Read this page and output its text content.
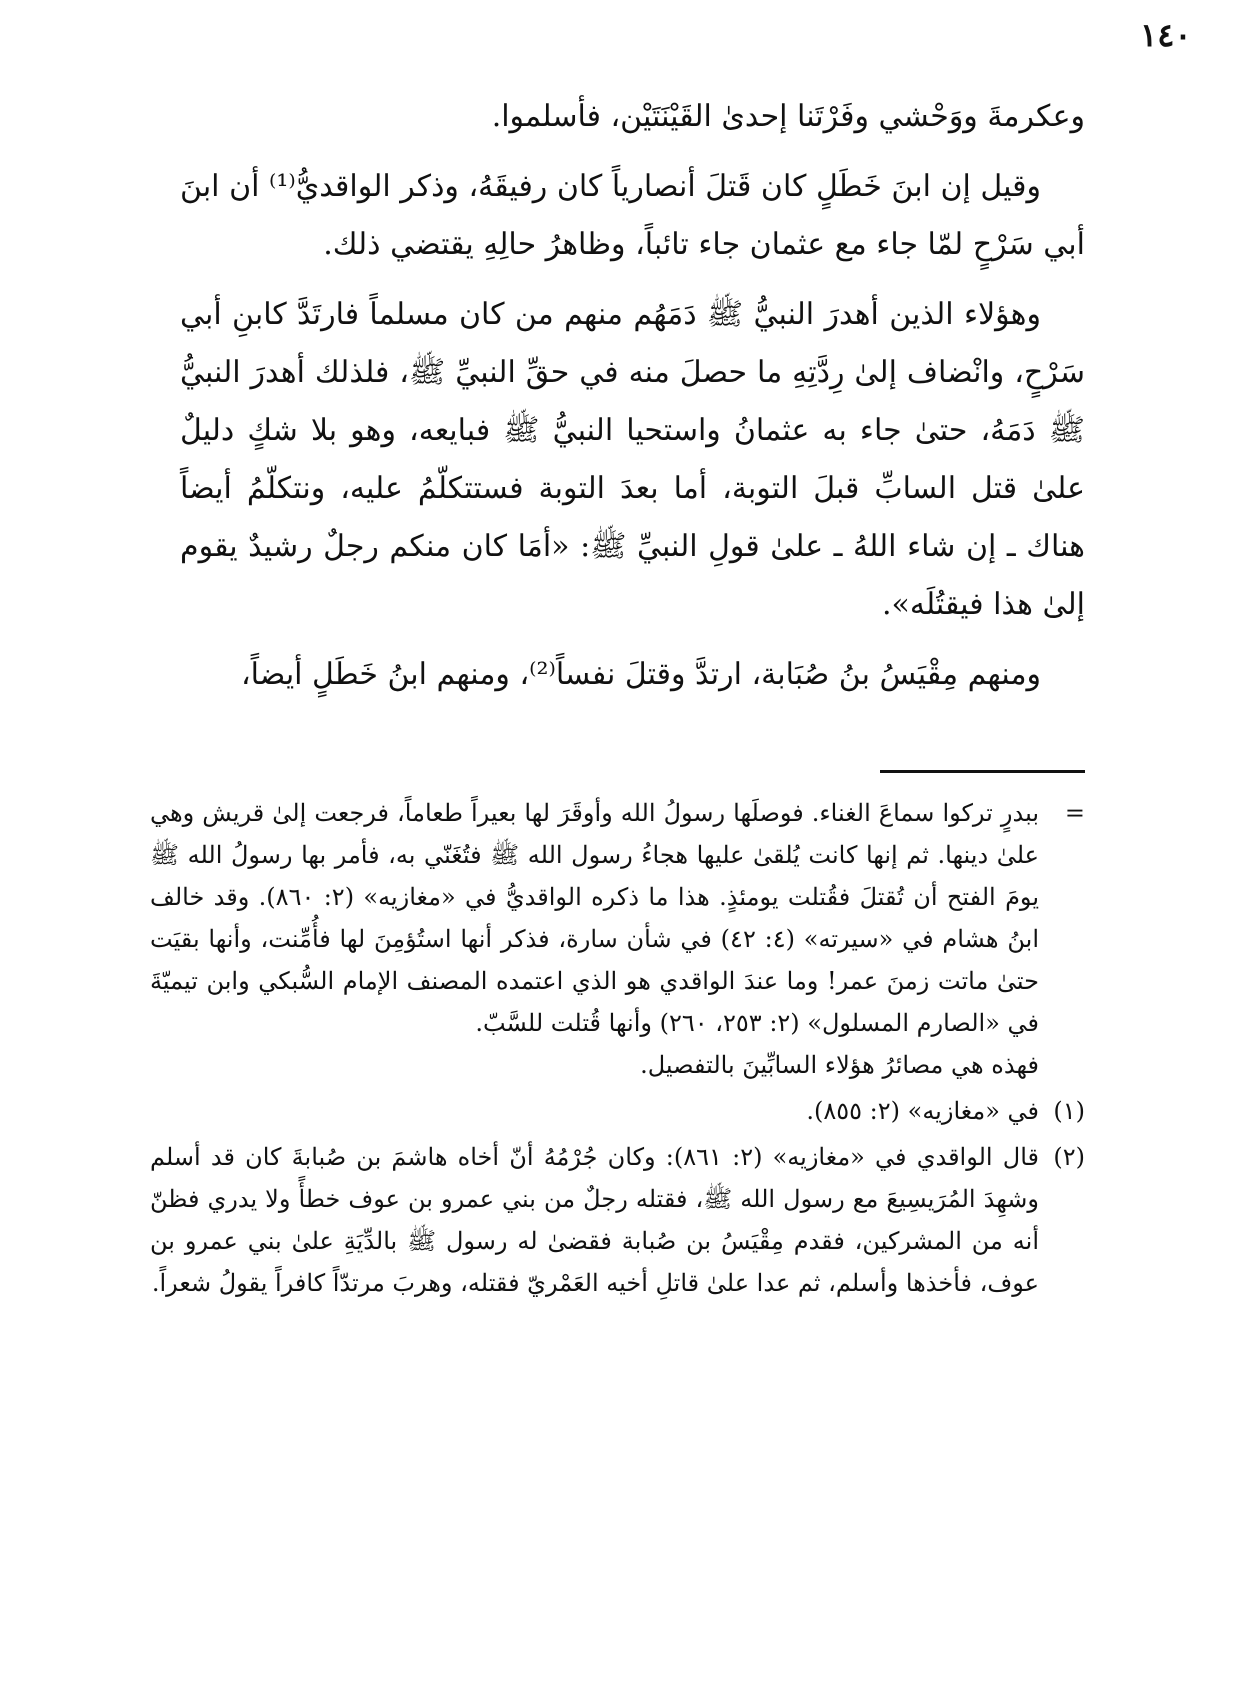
١٤٠

وعكرمةَ ووَحْشي وفَرْتَنا إحدىٰ القَيْنَتَيْن، فأسلموا.

وقيل إن ابنَ خَطَلٍ كان قَتلَ أنصارياً كان رفيقَهُ، وذكر الواقديُّ⁽¹⁾ أن ابنَ أبي سَرْحٍ لمّا جاء مع عثمان جاء تائباً، وظاهرُ حالِهِ يقتضي ذلك.

وهؤلاء الذين أهدرَ النبيُّ ﷺ دَمَهُم منهم من كان مسلماً فارتَدَّ كابنِ أبي سَرْحٍ، وانْضاف إلىٰ رِدَّتِهِ ما حصلَ منه في حقِّ النبيِّ ﷺ، فلذلك أهدرَ النبيُّ ﷺ دَمَهُ، حتىٰ جاء به عثمانُ واستحيا النبيُّ ﷺ فبايعه، وهو بلا شكٍ دليلٌ علىٰ قتل السابِّ قبلَ التوبة، أما بعدَ التوبة فستتكلّمُ عليه، ونتكلّمُ أيضاً هناك ـ إن شاء اللهُ ـ علىٰ قولِ النبيِّ ﷺ: «أمَا كان منكم رجلٌ رشيدٌ يقوم إلىٰ هذا فيقتُلَه».

ومنهم مِقْيَسُ بنُ صُبَابة، ارتدَّ وقتلَ نفساً⁽²⁾، ومنهم ابنُ خَطَلٍ أيضاً،

=
ببدرٍ تركوا سماعَ الغناء. فوصلَها رسولُ الله وأوقَرَ لها بعيراً طعاماً، فرجعت إلىٰ قريش وهي علىٰ دينها. ثم إنها كانت يُلقىٰ عليها هجاءُ رسول الله ﷺ فتُغَنّي به، فأمر بها رسولُ الله ﷺ يومَ الفتح أن تُقتلَ فقُتلت يومئذٍ. هذا ما ذكره الواقديُّ في «مغازيه» (٢: ٨٦٠). وقد خالف ابنُ هشام في «سيرته» (٤: ٤٢) في شأن سارة، فذكر أنها استُؤمِنَ لها فأُمِّنت، وأنها بقيَت حتىٰ ماتت زمنَ عمر! وما عندَ الواقدي هو الذي اعتمده المصنف الإمام السُّبكي وابن تيميّةَ في «الصارم المسلول» (٢: ٢٥٣، ٢٦٠) وأنها قُتلت للسَّبّ.
فهذه هي مصائرُ هؤلاء السابِّينَ بالتفصيل.
(١)
في «مغازيه» (٢: ٨٥٥).
(٢)
قال الواقدي في «مغازيه» (٢: ٨٦١): وكان جُرْمُهُ أنّ أخاه هاشمَ بن صُبابةَ كان قد أسلم وشهِدَ المُرَيسِيعَ مع رسول الله ﷺ، فقتله رجلٌ من بني عمرو بن عوف خطأً ولا يدري فظنّ أنه من المشركين، فقدم مِقْيَسُ بن صُبابة فقضىٰ له رسول ﷺ بالدِّيَةِ علىٰ بني عمرو بن عوف، فأخذها وأسلم، ثم عدا علىٰ قاتلِ أخيه العَمْريّ فقتله، وهربَ مرتدّاً كافراً يقولُ شعراً.
